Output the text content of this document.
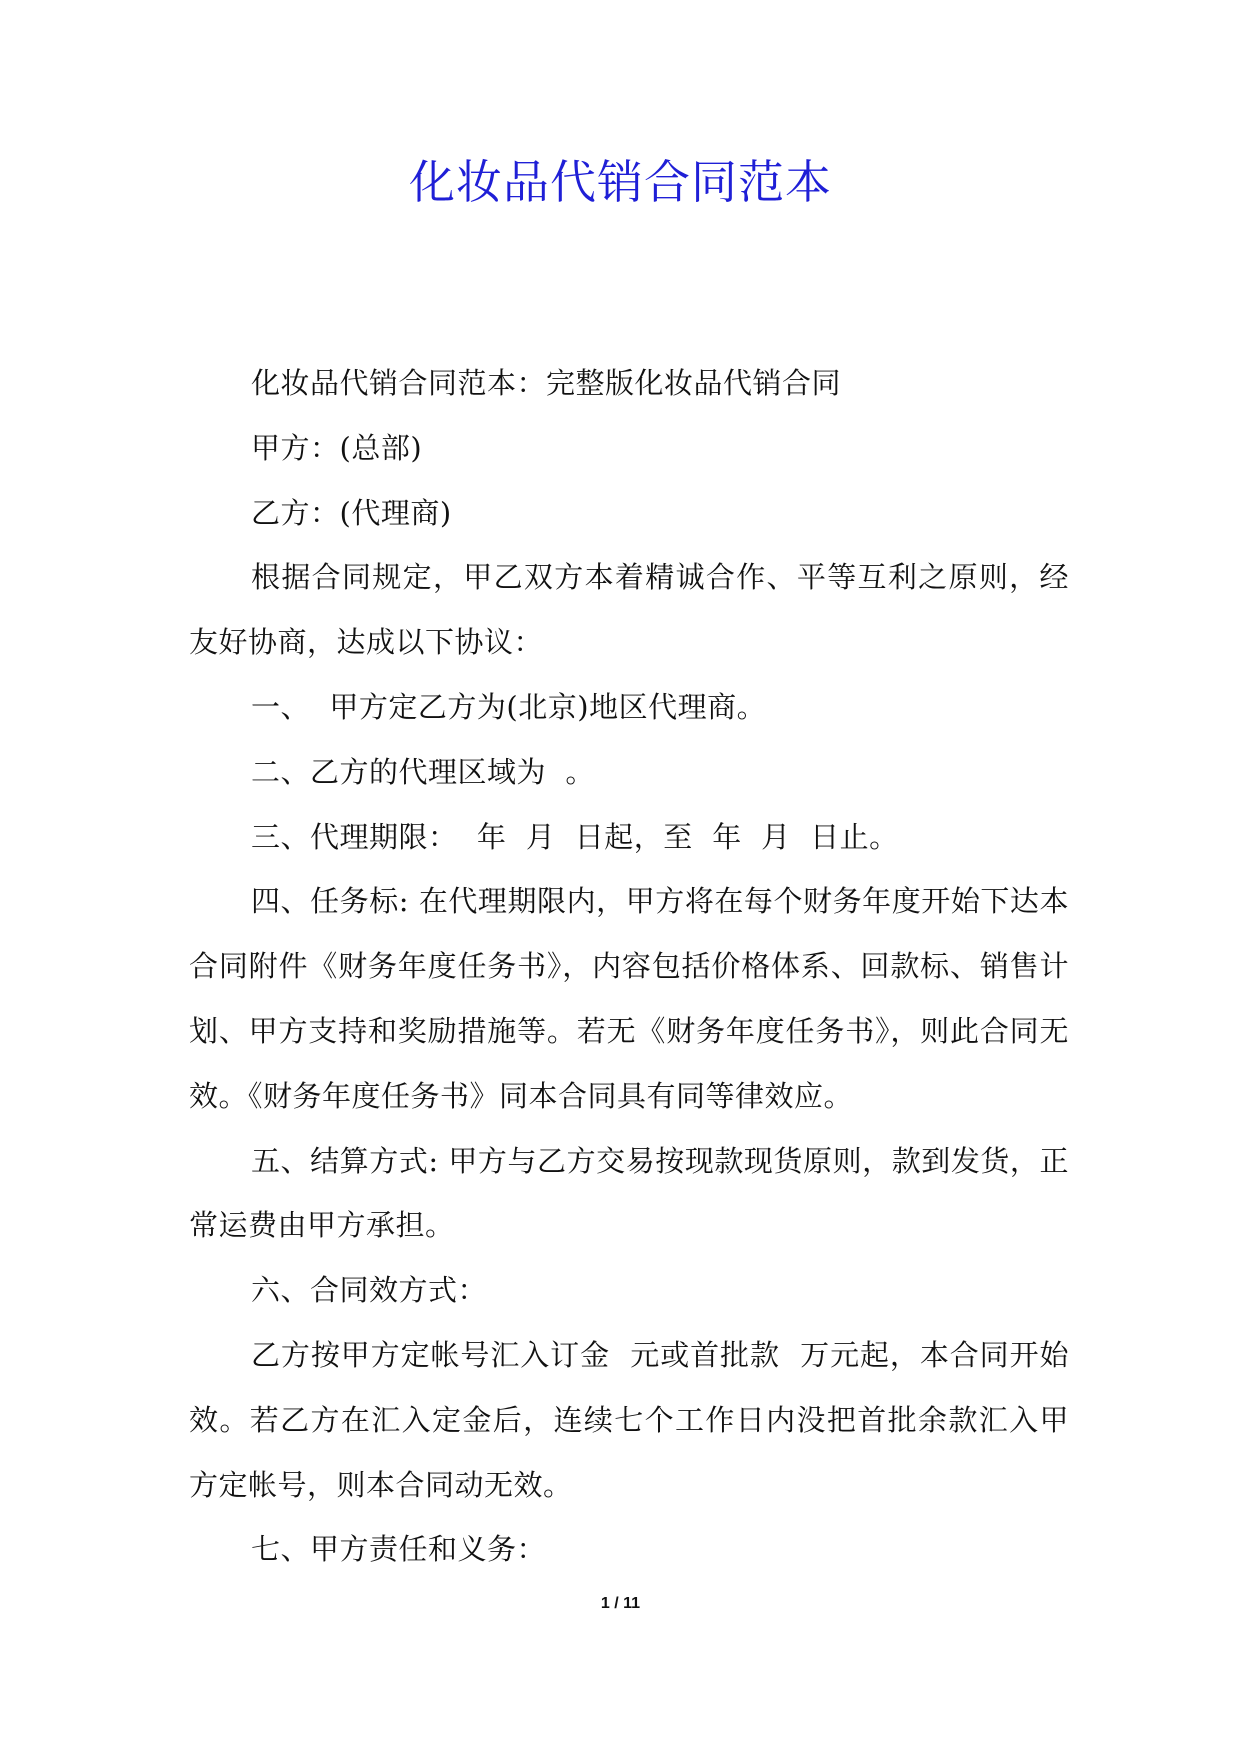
化妆品代销合同范本

化妆品代销合同范本：完整版化妆品代销合同

甲方：(总部)

乙方：(代理商)

根据合同规定，甲乙双方本着精诚合作、平等互利之原则，经友好协商，达成以下协议：

一、  甲方定乙方为(北京)地区代理商。

二、乙方的代理区域为  。

三、代理期限：  年  月  日起，至  年  月  日止。

四、任务标: 在代理期限内，甲方将在每个财务年度开始下达本合同附件《财务年度任务书》，内容包括价格体系、回款标、销售计划、甲方支持和奖励措施等。若无《财务年度任务书》，则此合同无效。《财务年度任务书》同本合同具有同等律效应。

五、结算方式: 甲方与乙方交易按现款现货原则，款到发货，正常运费由甲方承担。

六、合同效方式：

乙方按甲方定帐号汇入订金  元或首批款  万元起，本合同开始效。若乙方在汇入定金后，连续七个工作日内没把首批余款汇入甲方定帐号，则本合同动无效。

七、甲方责任和义务：

1 / 11
